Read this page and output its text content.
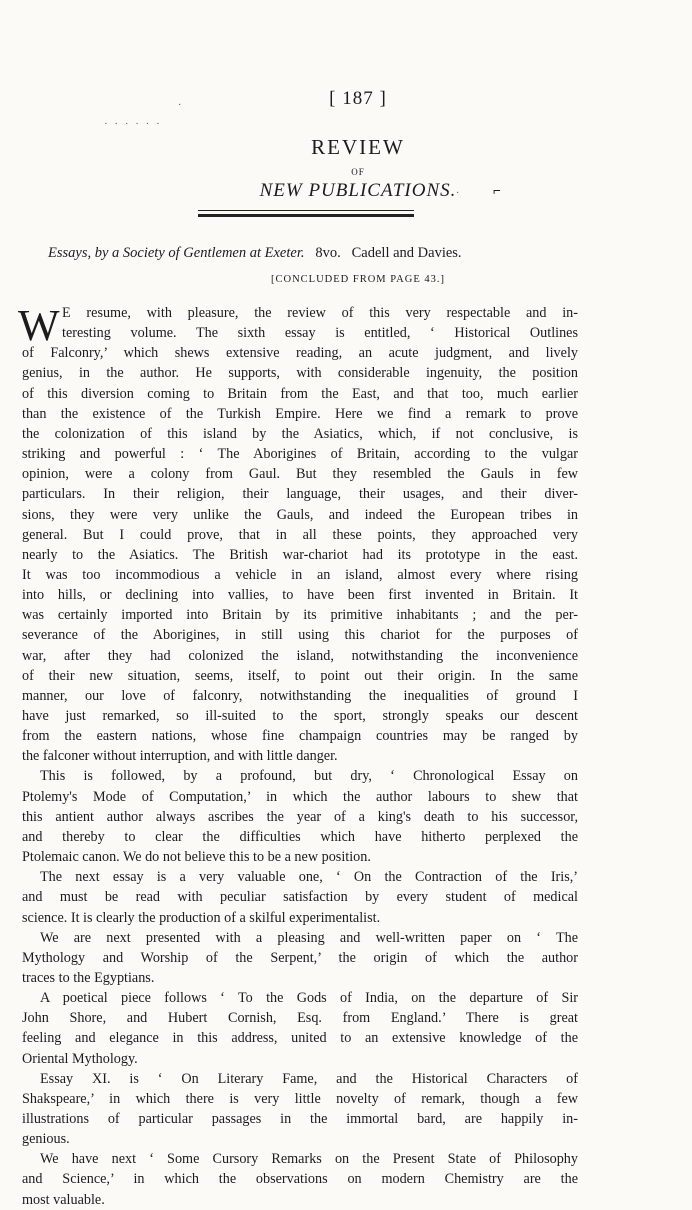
·
· · · · · ·
[ 187 ]
REVIEW
OF
NEW PUBLICATIONS. · ⌐
Essays, by a Society of Gentlemen at Exeter. 8vo. Cadell and Davies.
[CONCLUDED FROM PAGE 43.]
W E resume, with pleasure, the review of this very respectable and in-
teresting volume. The sixth essay is entitled, ‘ Historical Outlines
of Falconry,’ which shews extensive reading, an acute judgment, and lively
genius, in the author. He supports, with considerable ingenuity, the position
of this diversion coming to Britain from the East, and that too, much earlier
than the existence of the Turkish Empire. Here we find a remark to prove
the colonization of this island by the Asiatics, which, if not conclusive, is
striking and powerful : ‘ The Aborigines of Britain, according to the vulgar
opinion, were a colony from Gaul. But they resembled the Gauls in few
particulars. In their religion, their language, their usages, and their diver-
sions, they were very unlike the Gauls, and indeed the European tribes in
general. But I could prove, that in all these points, they approached very
nearly to the Asiatics. The British war-chariot had its prototype in the east.
It was too incommodious a vehicle in an island, almost every where rising
into hills, or declining into vallies, to have been first invented in Britain. It
was certainly imported into Britain by its primitive inhabitants ; and the per-
severance of the Aborigines, in still using this chariot for the purposes of
war, after they had colonized the island, notwithstanding the inconvenience
of their new situation, seems, itself, to point out their origin. In the same
manner, our love of falconry, notwithstanding the inequalities of ground I
have just remarked, so ill-suited to the sport, strongly speaks our descent
from the eastern nations, whose fine champaign countries may be ranged by
the falconer without interruption, and with little danger.
This is followed, by a profound, but dry, ‘ Chronological Essay on
Ptolemy's Mode of Computation,’ in which the author labours to shew that
this antient author always ascribes the year of a king's death to his successor,
and thereby to clear the difficulties which have hitherto perplexed the
Ptolemaic canon. We do not believe this to be a new position.
The next essay is a very valuable one, ‘ On the Contraction of the Iris,’
and must be read with peculiar satisfaction by every student of medical
science. It is clearly the production of a skilful experimentalist.
We are next presented with a pleasing and well-written paper on ‘ The
Mythology and Worship of the Serpent,’ the origin of which the author
traces to the Egyptians.
A poetical piece follows ‘ To the Gods of India, on the departure of Sir
John Shore, and Hubert Cornish, Esq. from England.’ There is great
feeling and elegance in this address, united to an extensive knowledge of the
Oriental Mythology.
Essay XI. is ‘ On Literary Fame, and the Historical Characters of
Shakspeare,’ in which there is very little novelty of remark, though a few
illustrations of particular passages in the immortal bard, are happily in-
genious.
We have next ‘ Some Cursory Remarks on the Present State of Philosophy
and Science,’ in which the observations on modern Chemistry are the
most valuable.
